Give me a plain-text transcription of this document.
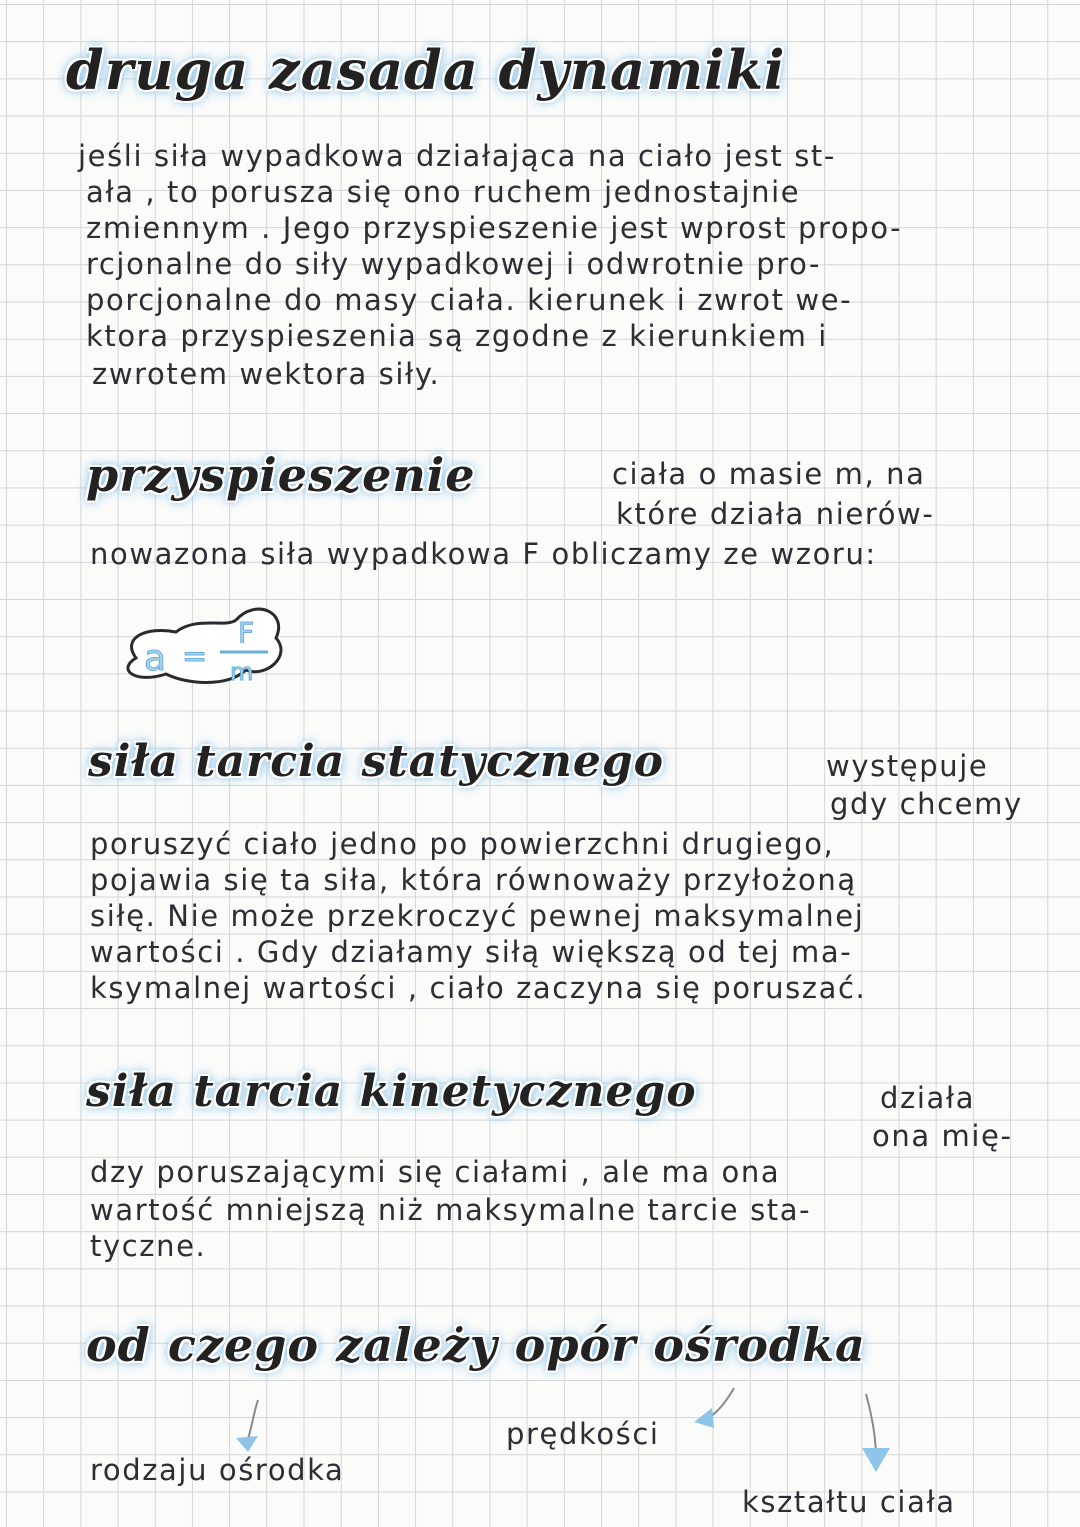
druga zasada dynamiki
jeśli siła wypadkowa działająca na ciało jest st-
ała , to porusza się ono ruchem jednostajnie
zmiennym . Jego przyspieszenie jest wprost propo-
rcjonalne do siły wypadkowej i odwrotnie pro-
porcjonalne do masy ciała. kierunek i zwrot we-
ktora przyspieszenia są zgodne z kierunkiem i
zwrotem wektora siły.
przyspieszenie	ciała o masie m, na
które działa nierów-
nowazona siła wypadkowa F obliczamy ze wzoru:
a =
F
m
siła tarcia statycznego	występuje
gdy chcemy
poruszyć ciało jedno po powierzchni drugiego,
pojawia się ta siła, która równoważy przyłożoną
siłę. Nie może przekroczyć pewnej maksymalnej
wartości . Gdy działamy siłą większą od tej ma-
ksymalnej wartości , ciało zaczyna się poruszać.
siła tarcia kinetycznego	działa
ona mię-
dzy poruszającymi się ciałami , ale ma ona
wartość mniejszą niż maksymalne tarcie sta-
tyczne.
od czego zależy opór ośrodka
rodzaju ośrodka
prędkości
kształtu ciała
